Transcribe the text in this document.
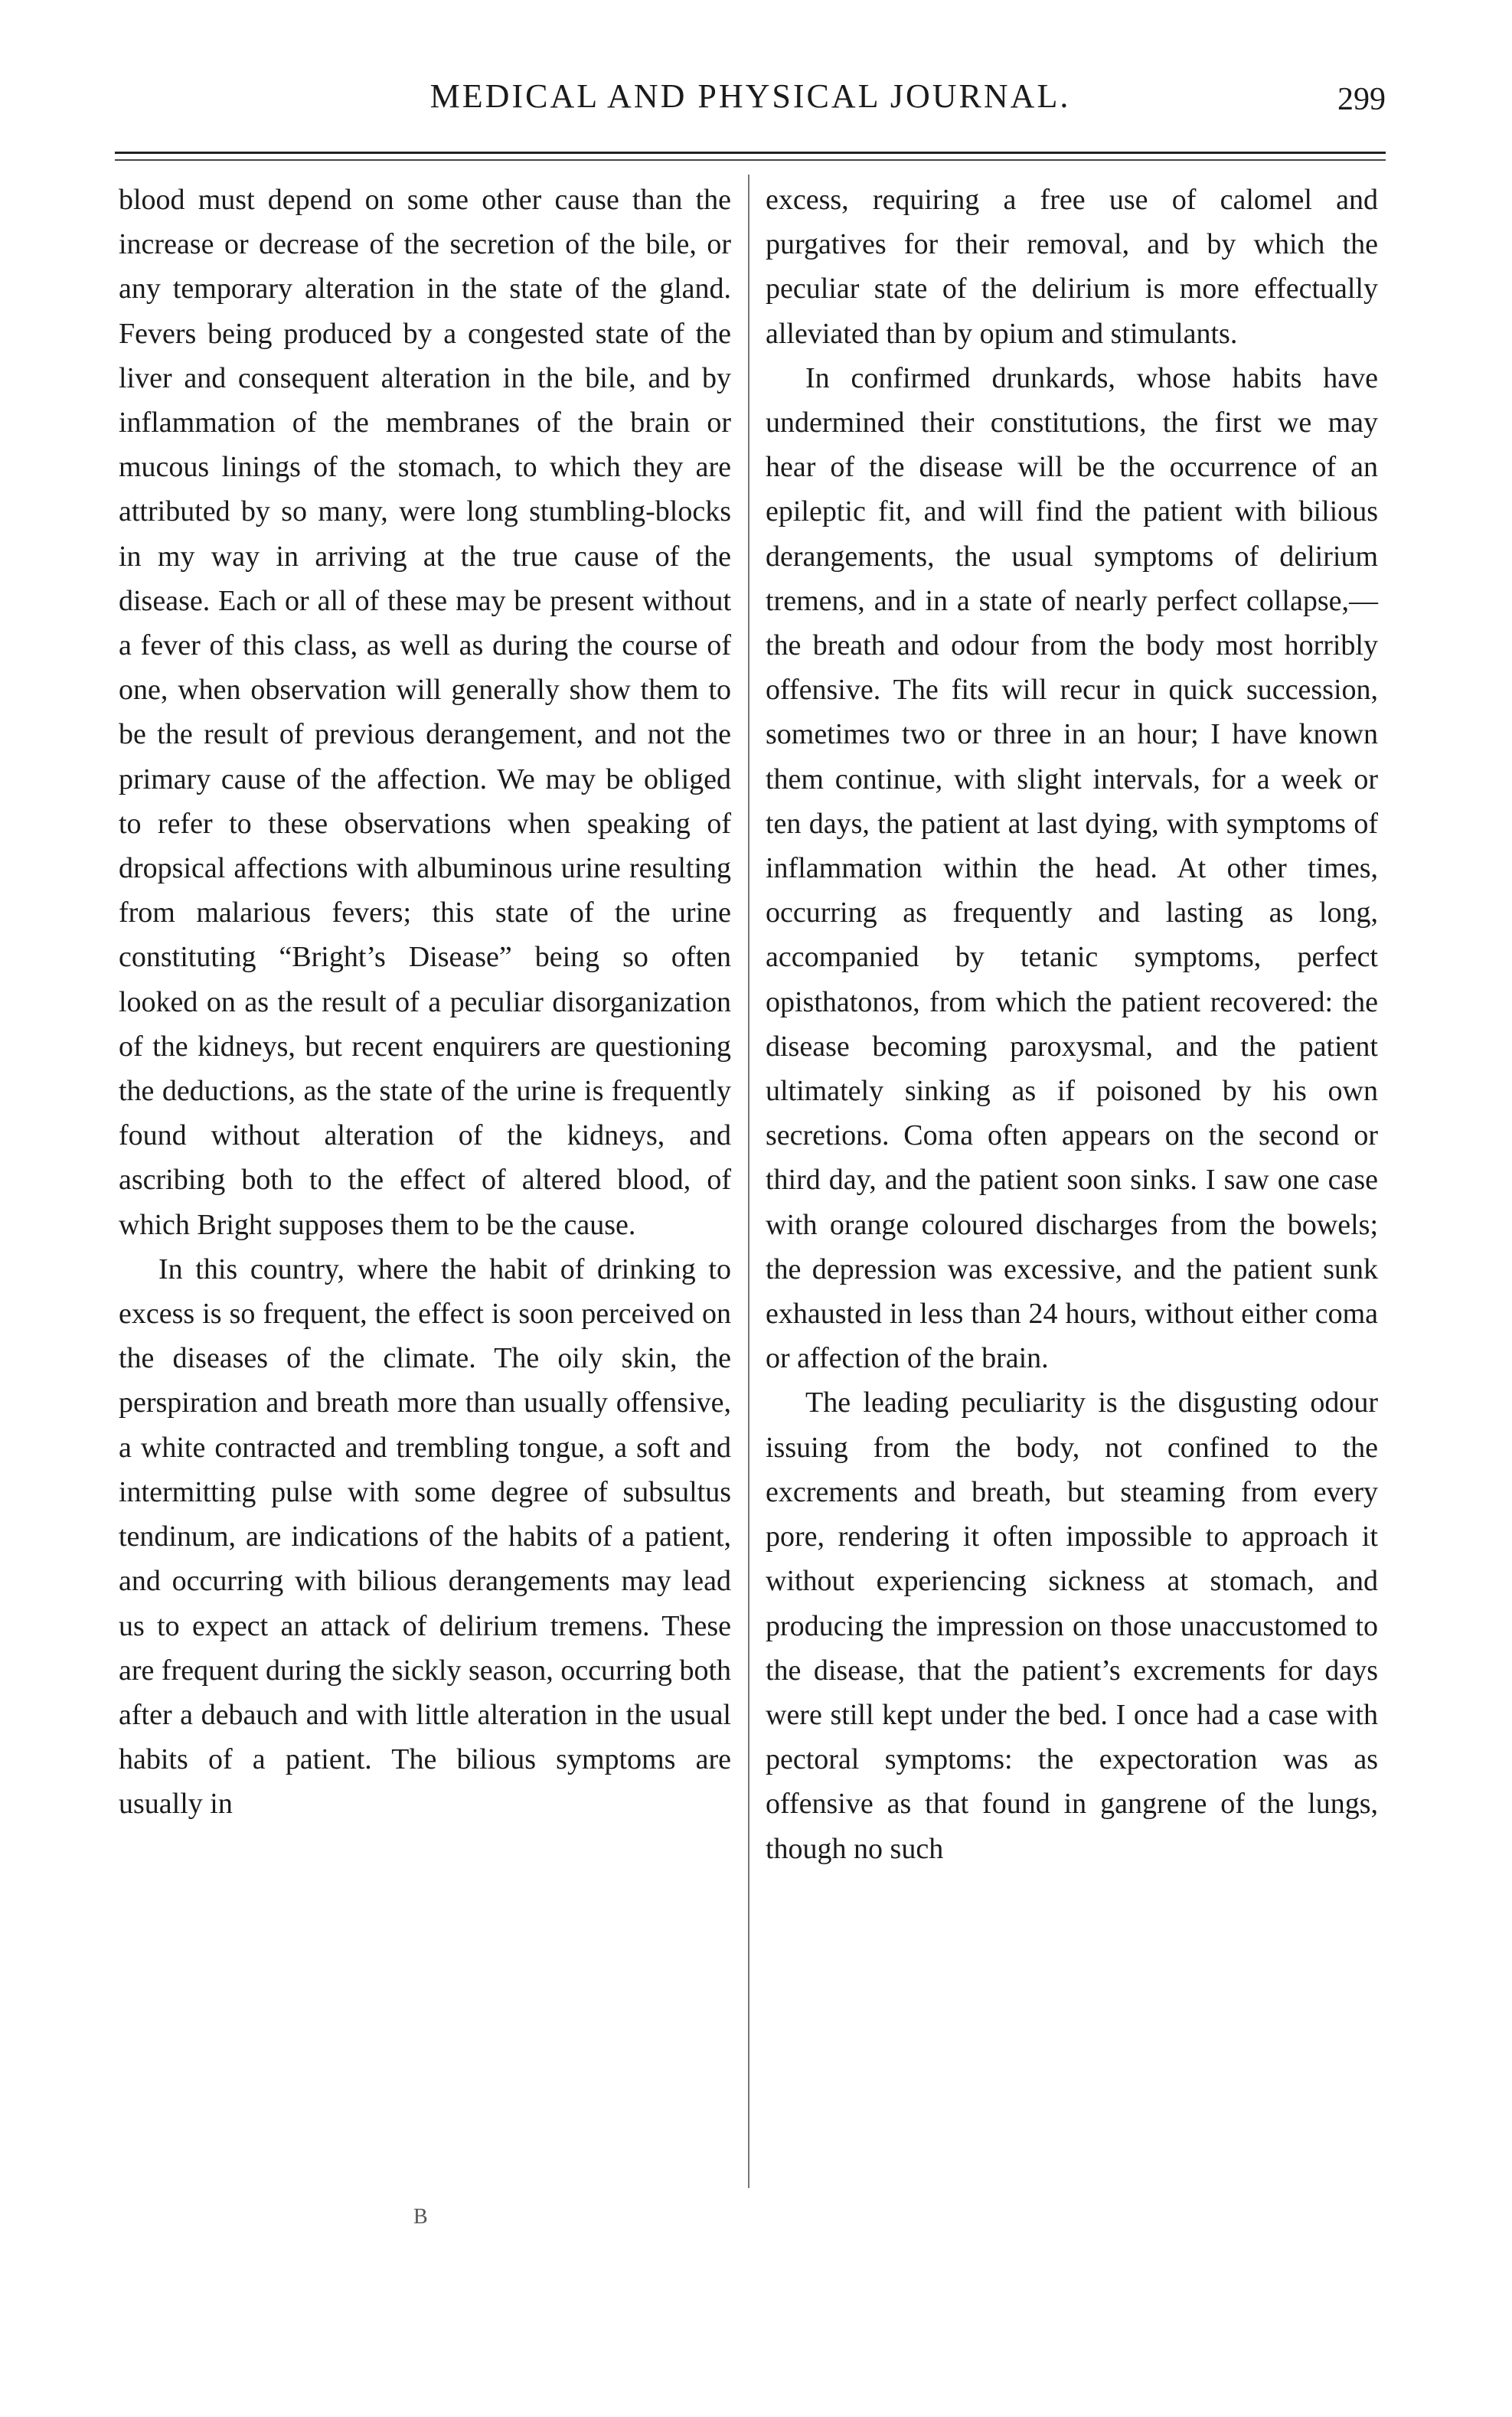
MEDICAL AND PHYSICAL JOURNAL.	299

blood must depend on some other cause than the increase or decrease of the secretion of the bile, or any temporary alteration in the state of the gland. Fevers being produced by a congested state of the liver and consequent alteration in the bile, and by inflammation of the membranes of the brain or mucous linings of the stomach, to which they are attributed by so many, were long stumbling-blocks in my way in arriving at the true cause of the disease. Each or all of these may be present without a fever of this class, as well as during the course of one, when observation will generally show them to be the result of previous derangement, and not the primary cause of the affection. We may be obliged to refer to these observations when speaking of dropsical affections with albuminous urine resulting from malarious fevers; this state of the urine constituting “Bright’s Disease” being so often looked on as the result of a peculiar disorganization of the kidneys, but recent enquirers are questioning the deductions, as the state of the urine is frequently found without alteration of the kidneys, and ascribing both to the effect of altered blood, of which Bright supposes them to be the cause.

In this country, where the habit of drinking to excess is so frequent, the effect is soon perceived on the diseases of the climate. The oily skin, the perspiration and breath more than usually offensive, a white contracted and trembling tongue, a soft and intermitting pulse with some degree of subsultus tendinum, are indications of the habits of a patient, and occurring with bilious derangements may lead us to expect an attack of delirium tremens. These are frequent during the sickly season, occurring both after a debauch and with little alteration in the usual habits of a patient. The bilious symptoms are usually in

excess, requiring a free use of calomel and purgatives for their removal, and by which the peculiar state of the delirium is more effectually alleviated than by opium and stimulants.

In confirmed drunkards, whose habits have undermined their constitutions, the first we may hear of the disease will be the occurrence of an epileptic fit, and will find the patient with bilious derangements, the usual symptoms of delirium tremens, and in a state of nearly perfect collapse,—the breath and odour from the body most horribly offensive. The fits will recur in quick succession, sometimes two or three in an hour; I have known them continue, with slight intervals, for a week or ten days, the patient at last dying, with symptoms of inflammation within the head. At other times, occurring as frequently and lasting as long, accompanied by tetanic symptoms, perfect opisthatonos, from which the patient recovered: the disease becoming paroxysmal, and the patient ultimately sinking as if poisoned by his own secretions. Coma often appears on the second or third day, and the patient soon sinks. I saw one case with orange coloured discharges from the bowels; the depression was excessive, and the patient sunk exhausted in less than 24 hours, without either coma or affection of the brain.

The leading peculiarity is the disgusting odour issuing from the body, not confined to the excrements and breath, but steaming from every pore, rendering it often impossible to approach it without experiencing sickness at stomach, and producing the impression on those unaccustomed to the disease, that the patient’s excrements for days were still kept under the bed. I once had a case with pectoral symptoms: the expectoration was as offensive as that found in gangrene of the lungs, though no such

B
